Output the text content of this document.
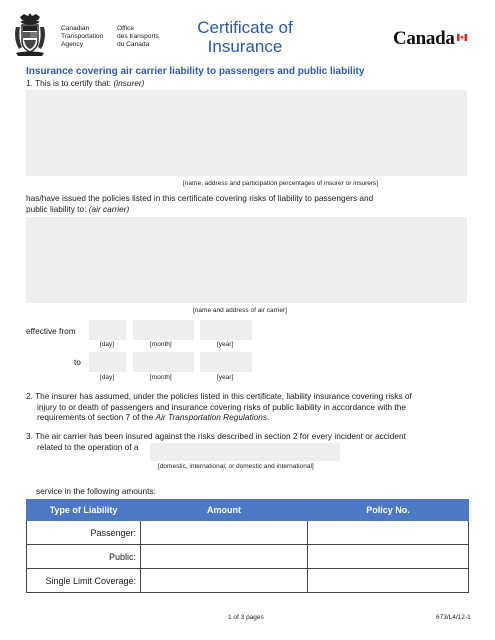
Canadian
Transportation
Agency
Office
des transports
du Canada
Certificate of
Insurance	Canada
Insurance covering air carrier liability to passengers and public liability
1. This is to certify that: (insurer)
[name, address and participation percentages of insurer or insurers]
has/have issued the policies listed in this certificate covering risks of liability to passengers and
public liability to: (air carrier)
[name and address of air carrier]
effective from
[day]	[month]	[year]
to
[day]	[month]	[year]
2. The insurer has assumed, under the policies listed in this certificate, liability insurance covering risks of
injury to or death of passengers and insurance covering risks of public liability in accordance with the
requirements of section 7 of the Air Transportation Regulations.
3. The air carrier has been insured against the risks described in section 2 for every incident or accident
related to the operation of a
[domestic, international, or domestic and international]
service in the following amounts:
Type of Liability	Amount	Policy No.
Passenger:		
Public:		
Single Limit Coverage:		
1 of 3 pages	673/L4/12-1
